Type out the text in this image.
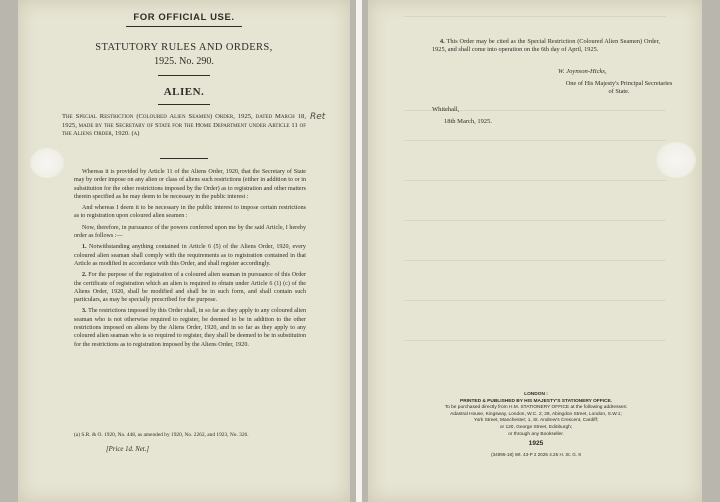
FOR OFFICIAL USE.

STATUTORY RULES AND ORDERS,

1925. No. 290.

ALIEN.

The Special Restriction (Coloured Alien Seamen) Order, 1925, dated March 18, 1925, made by the Secretary of State for the Home Department under Article 11 of the Aliens Order, 1920. (a)

Ret

Whereas it is provided by Article 11 of the Aliens Order, 1920, that the Secretary of State may by order impose on any alien or class of aliens such restrictions (either in addition to or in substitution for the other restrictions imposed by the Order) as to registration and other matters therein specified as he may deem to be necessary in the public interest :
And whereas I deem it to be necessary in the public interest to impose certain restrictions as to registration upon coloured alien seamen :
Now, therefore, in pursuance of the powers conferred upon me by the said Article, I hereby order as follows :—
1. Notwithstanding anything contained in Article 6 (5) of the Aliens Order, 1920, every coloured alien seaman shall comply with the requirements as to registration contained in that Article as modified in accordance with this Order, and shall register accordingly.
2. For the purpose of the registration of a coloured alien seaman in pursuance of this Order the certificate of registration which an alien is required to obtain under Article 6 (1) (c) of the Aliens Order, 1920, shall be modified and shall be in such form, and shall contain such particulars, as may be specially prescribed for the purpose.
3. The restrictions imposed by this Order shall, in so far as they apply to any coloured alien seaman who is not otherwise required to register, be deemed to be in addition to the other restrictions imposed on aliens by the Aliens Order, 1920, and in so far as they apply to any coloured alien seaman who is so required to register, they shall be deemed to be in substitution for the restrictions as to registration imposed by the Aliens Order, 1920.

(a) S.R. & O. 1920, No. 448, as amended by 1920, No. 2262, and 1923, No. 326.

[Price 1d. Net.]

4. This Order may be cited as the Special Restriction (Coloured Alien Seamen) Order, 1925, and shall come into operation on the 6th day of April, 1925.

W. Joynson-Hicks,

One of His Majesty's Principal Secretaries of State.

Whitehall,

18th March, 1925.

LONDON :
PRINTED & PUBLISHED BY HIS MAJESTY'S STATIONERY OFFICE.
To be purchased directly from H.M. STATIONERY OFFICE at the following addresses:
Adastral House, Kingsway, London, W.C. 2; 28, Abingdon Street, London, S.W.1;
York Street, Manchester; 1, St. Andrew's Crescent, Cardiff;
or 120, George Street, Edinburgh;
or through any Bookseller.
1925
(34995-18) Wt. 43-P 2 2025 4.25 H. St. G. 8
